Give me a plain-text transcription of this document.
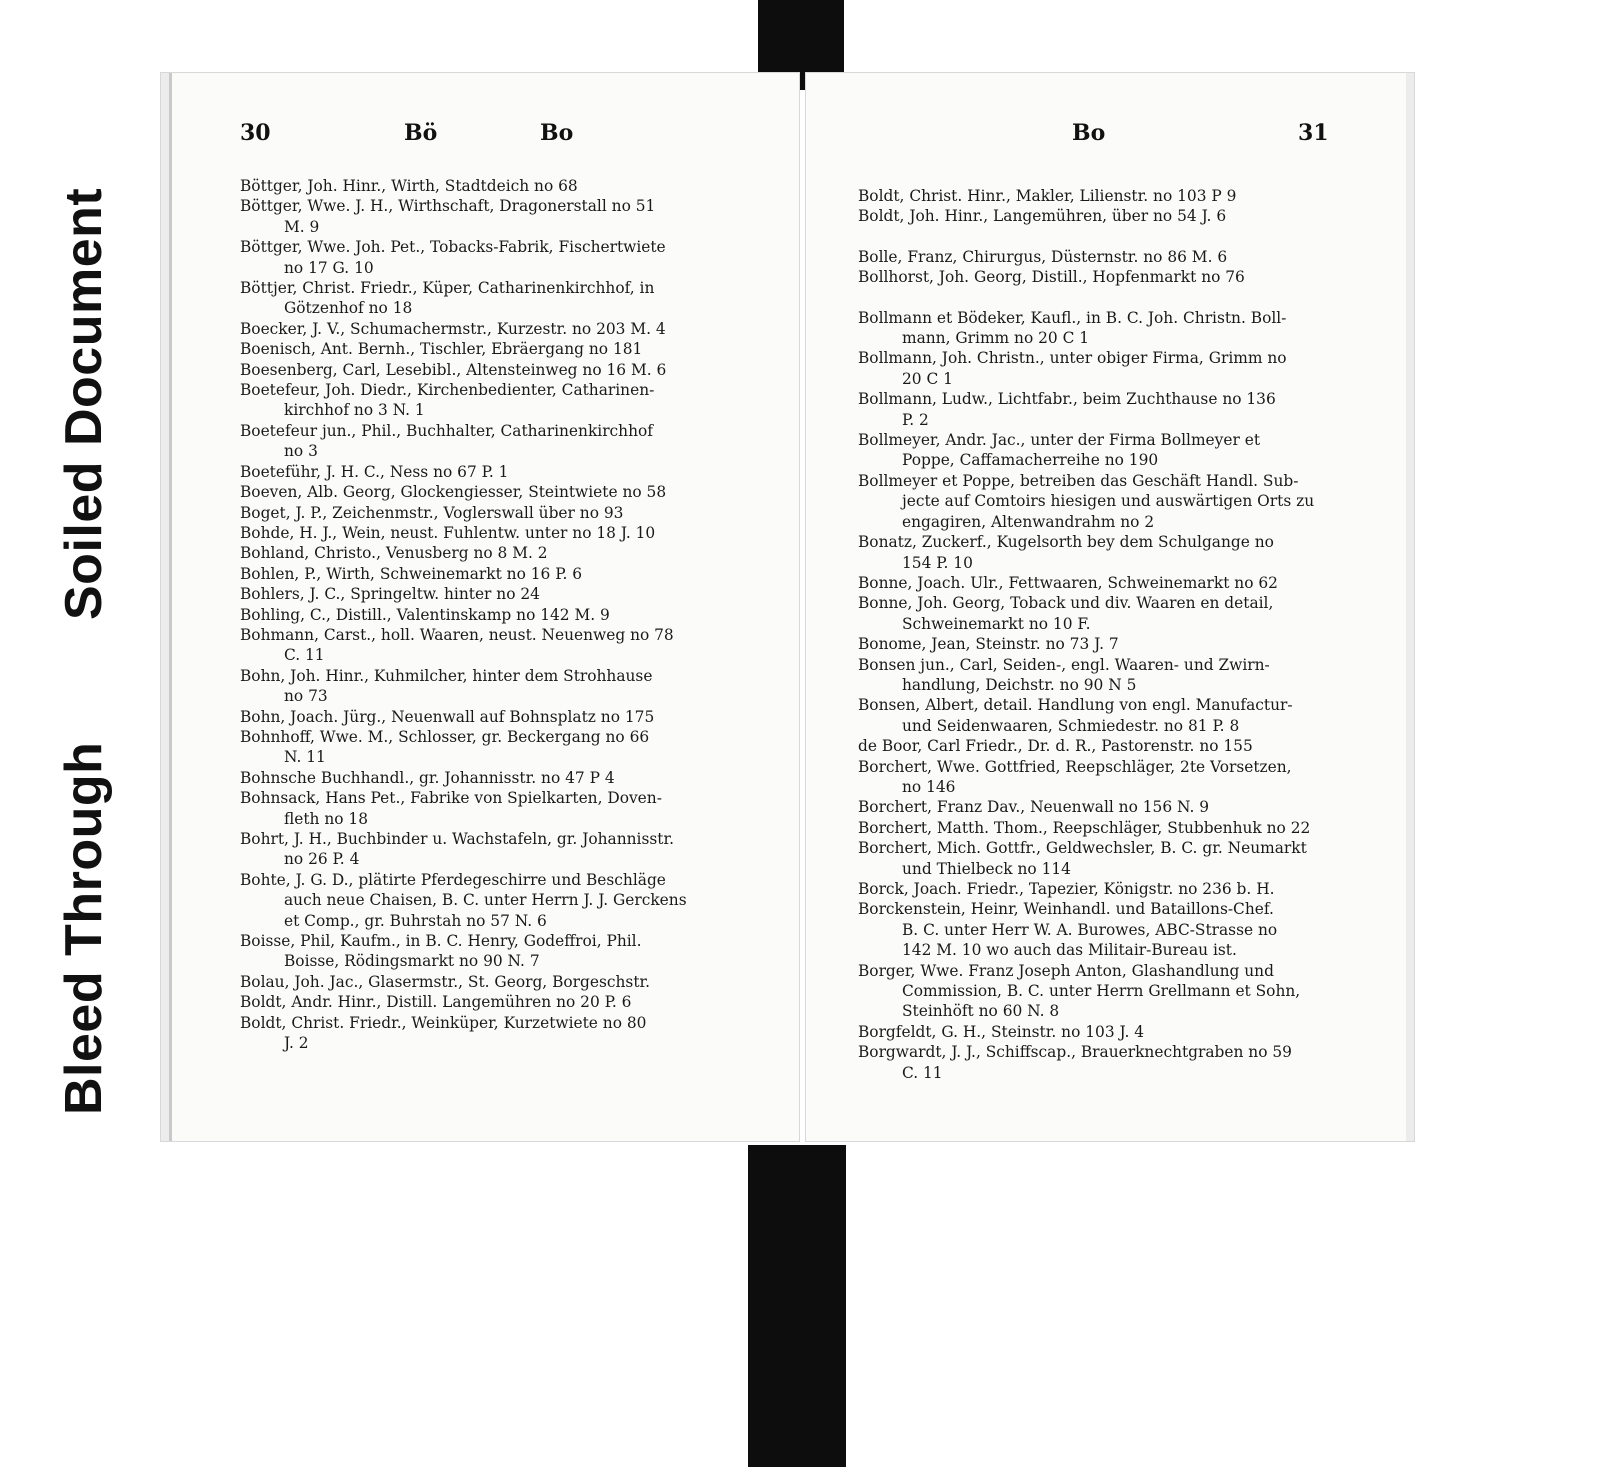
Soiled Document
Bleed Through
30	Bö	Bo	Bo	31
Böttger, Joh. Hinr., Wirth, Stadtdeich no 68
Böttger, Wwe. J. H., Wirthschaft, Dragonerstall no 51
M. 9
Böttger, Wwe. Joh. Pet., Tobacks-Fabrik, Fischertwiete
no 17 G. 10
Böttjer, Christ. Friedr., Küper, Catharinenkirchhof, in
Götzenhof no 18
Boecker, J. V., Schumachermstr., Kurzestr. no 203 M. 4
Boenisch, Ant. Bernh., Tischler, Ebräergang no 181
Boesenberg, Carl, Lesebibl., Altensteinweg no 16 M. 6
Boetefeur, Joh. Diedr., Kirchenbedienter, Catharinen-
kirchhof no 3 N. 1
Boetefeur jun., Phil., Buchhalter, Catharinenkirchhof
no 3
Boeteführ, J. H. C., Ness no 67 P. 1
Boeven, Alb. Georg, Glockengiesser, Steintwiete no 58
Boget, J. P., Zeichenmstr., Voglerswall über no 93
Bohde, H. J., Wein, neust. Fuhlentw. unter no 18 J. 10
Bohland, Christo., Venusberg no 8 M. 2
Bohlen, P., Wirth, Schweinemarkt no 16 P. 6
Bohlers, J. C., Springeltw. hinter no 24
Bohling, C., Distill., Valentinskamp no 142 M. 9
Bohmann, Carst., holl. Waaren, neust. Neuenweg no 78
C. 11
Bohn, Joh. Hinr., Kuhmilcher, hinter dem Strohhause
no 73
Bohn, Joach. Jürg., Neuenwall auf Bohnsplatz no 175
Bohnhoff, Wwe. M., Schlosser, gr. Beckergang no 66
N. 11
Bohnsche Buchhandl., gr. Johannisstr. no 47 P 4
Bohnsack, Hans Pet., Fabrike von Spielkarten, Doven-
fleth no 18
Bohrt, J. H., Buchbinder u. Wachstafeln, gr. Johannisstr.
no 26 P. 4
Bohte, J. G. D., plätirte Pferdegeschirre und Beschläge
auch neue Chaisen, B. C. unter Herrn J. J. Gerckens
et Comp., gr. Buhrstah no 57 N. 6
Boisse, Phil, Kaufm., in B. C. Henry, Godeffroi, Phil.
Boisse, Rödingsmarkt no 90 N. 7
Bolau, Joh. Jac., Glasermstr., St. Georg, Borgeschstr.
Boldt, Andr. Hinr., Distill. Langemühren no 20 P. 6
Boldt, Christ. Friedr., Weinküper, Kurzetwiete no 80
J. 2
Boldt, Christ. Hinr., Makler, Lilienstr. no 103 P 9
Boldt, Joh. Hinr., Langemühren, über no 54 J. 6
Bolle, Franz, Chirurgus, Düsternstr. no 86 M. 6
Bollhorst, Joh. Georg, Distill., Hopfenmarkt no 76
Bollmann et Bödeker, Kaufl., in B. C. Joh. Christn. Boll-
mann, Grimm no 20 C 1
Bollmann, Joh. Christn., unter obiger Firma, Grimm no
20 C 1
Bollmann, Ludw., Lichtfabr., beim Zuchthause no 136
P. 2
Bollmeyer, Andr. Jac., unter der Firma Bollmeyer et
Poppe, Caffamacherreihe no 190
Bollmeyer et Poppe, betreiben das Geschäft Handl. Sub-
jecte auf Comtoirs hiesigen und auswärtigen Orts zu
engagiren, Altenwandrahm no 2
Bonatz, Zuckerf., Kugelsorth bey dem Schulgange no
154 P. 10
Bonne, Joach. Ulr., Fettwaaren, Schweinemarkt no 62
Bonne, Joh. Georg, Toback und div. Waaren en detail,
Schweinemarkt no 10 F.
Bonome, Jean, Steinstr. no 73 J. 7
Bonsen jun., Carl, Seiden-, engl. Waaren- und Zwirn-
handlung, Deichstr. no 90 N 5
Bonsen, Albert, detail. Handlung von engl. Manufactur-
und Seidenwaaren, Schmiedestr. no 81 P. 8
de Boor, Carl Friedr., Dr. d. R., Pastorenstr. no 155
Borchert, Wwe. Gottfried, Reepschläger, 2te Vorsetzen,
no 146
Borchert, Franz Dav., Neuenwall no 156 N. 9
Borchert, Matth. Thom., Reepschläger, Stubbenhuk no 22
Borchert, Mich. Gottfr., Geldwechsler, B. C. gr. Neumarkt
und Thielbeck no 114
Borck, Joach. Friedr., Tapezier, Königstr. no 236 b. H.
Borckenstein, Heinr, Weinhandl. und Bataillons-Chef.
B. C. unter Herr W. A. Burowes, ABC-Strasse no
142 M. 10 wo auch das Militair-Bureau ist.
Borger, Wwe. Franz Joseph Anton, Glashandlung und
Commission, B. C. unter Herrn Grellmann et Sohn,
Steinhöft no 60 N. 8
Borgfeldt, G. H., Steinstr. no 103 J. 4
Borgwardt, J. J., Schiffscap., Brauerknechtgraben no 59
C. 11
